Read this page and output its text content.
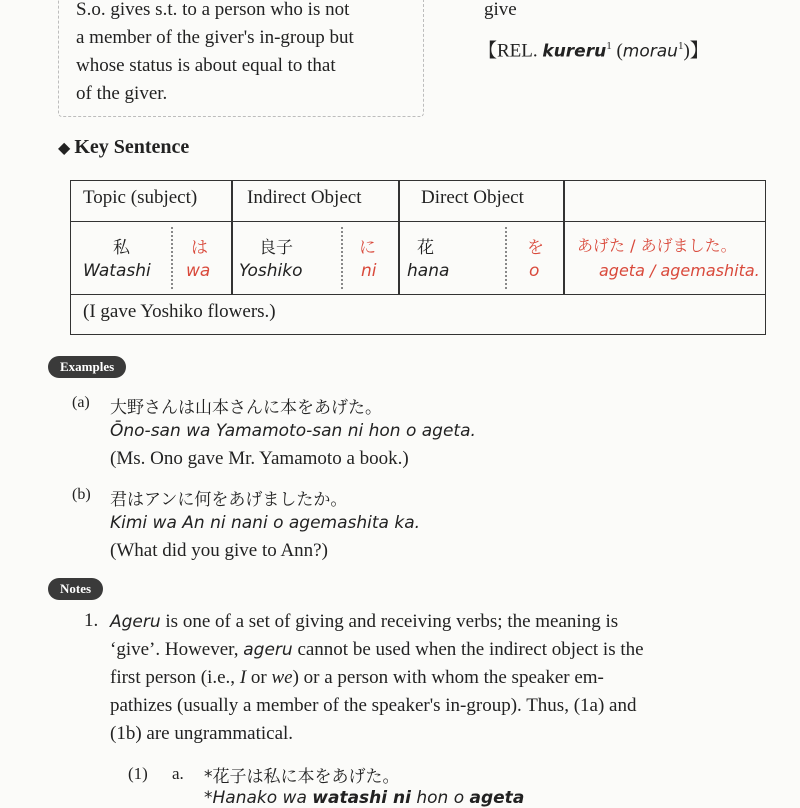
S.o. gives s.t. to a person who is not
a member of the giver's in-group but
whose status is about equal to that
of the giver.
give
【REL. kureru$^1$ (morau$^1$)】
◆ Key Sentence
Topic (subject)	Indirect Object	Direct Object
私
Watashi
は
wa
良子
Yoshiko
に
ni
花
hana
を
o
あげた / あげました。
ageta / agemashita.
(I gave Yoshiko flowers.)
Examples
(a) 大野さんは山本さんに本をあげた。
Ōno-san wa Yamamoto-san ni hon o ageta.
(Ms. Ono gave Mr. Yamamoto a book.)
(b) 君はアンに何をあげましたか。
Kimi wa An ni nani o agemashita ka.
(What did you give to Ann?)
Notes
1. Ageru is one of a set of giving and receiving verbs; the meaning is
‘give’. However, ageru cannot be used when the indirect object is the
first person (i.e., I or we) or a person with whom the speaker em-
pathizes (usually a member of the speaker's in-group). Thus, (1a) and
(1b) are ungrammatical.
(1) a. *花子は私に本をあげた。
*Hanako wa watashi ni hon o ageta
